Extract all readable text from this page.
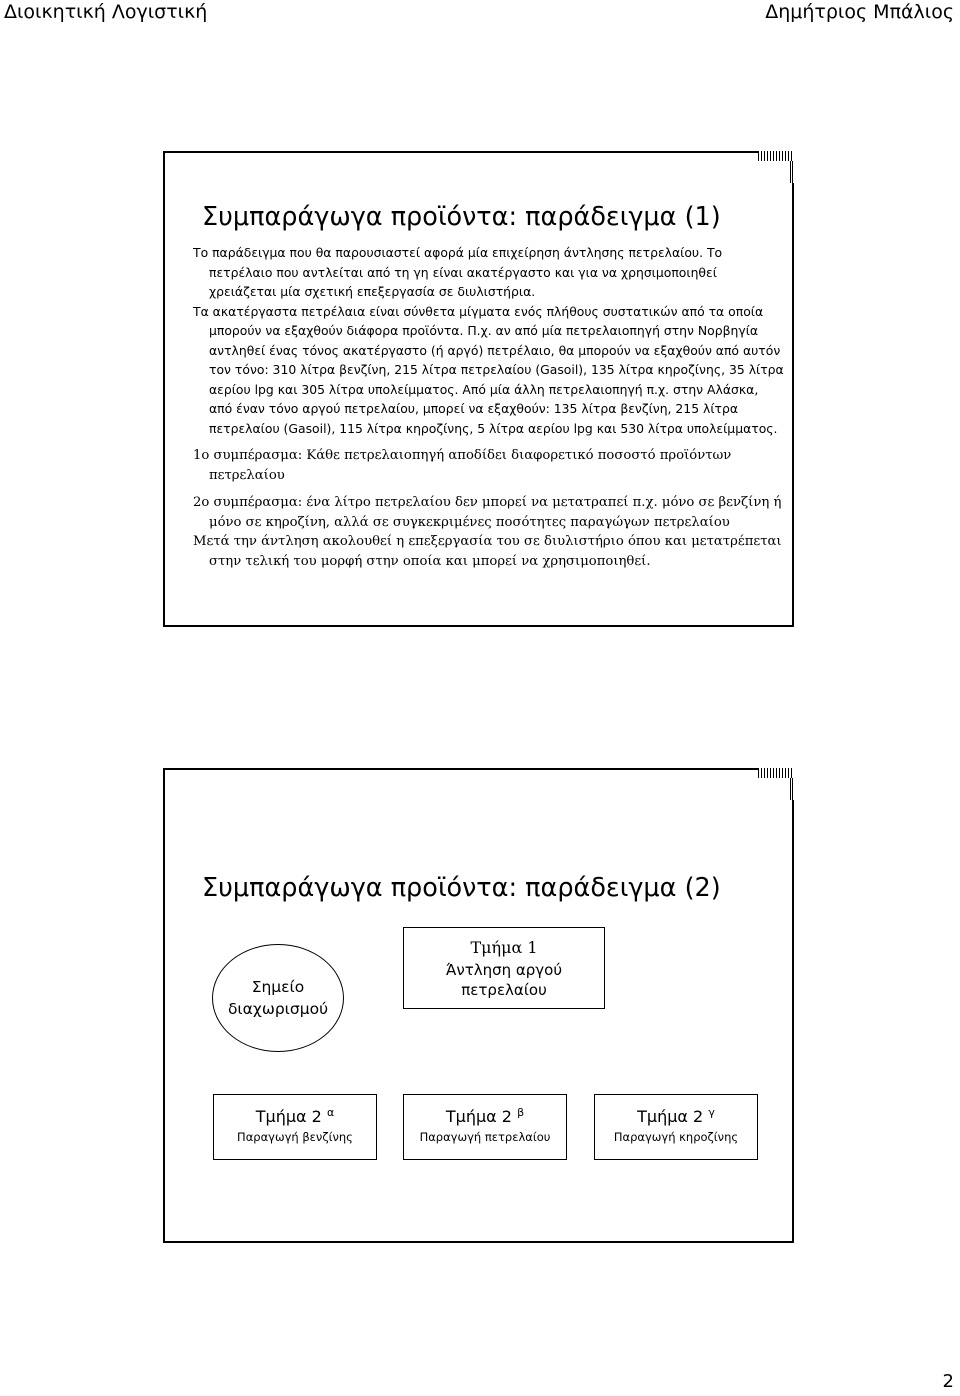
Διοικητική Λογιστική	Δημήτριος Μπάλιος
Συμπαράγωγα προϊόντα: παράδειγμα (1)
Το παράδειγμα που θα παρουσιαστεί αφορά μία επιχείρηση άντλησης πετρελαίου. Το πετρέλαιο που αντλείται από τη γη είναι ακατέργαστο και για να χρησιμοποιηθεί χρειάζεται μία σχετική επεξεργασία σε διυλιστήρια.
Τα ακατέργαστα πετρέλαια είναι σύνθετα μίγματα ενός πλήθους συστατικών από τα οποία μπορούν να εξαχθούν διάφορα προϊόντα. Π.χ. αν από μία πετρελαιοπηγή στην Νορβηγία αντληθεί ένας τόνος ακατέργαστο (ή αργό) πετρέλαιο, θα μπορούν να εξαχθούν από αυτόν τον τόνο: 310 λίτρα βενζίνη, 215 λίτρα πετρελαίου (Gasoil), 135 λίτρα κηροζίνης, 35 λίτρα αερίου lpg και 305 λίτρα υπολείμματος. Από μία άλλη πετρελαιοπηγή π.χ. στην Αλάσκα, από έναν τόνο αργού πετρελαίου, μπορεί να εξαχθούν: 135 λίτρα βενζίνη, 215 λίτρα πετρελαίου (Gasoil), 115 λίτρα κηροζίνης, 5 λίτρα αερίου lpg και 530 λίτρα υπολείμματος.
1ο συμπέρασμα: Κάθε πετρελαιοπηγή αποδίδει διαφορετικό ποσοστό προϊόντων πετρελαίου
2ο συμπέρασμα: ένα λίτρο πετρελαίου δεν μπορεί να μετατραπεί π.χ. μόνο σε βενζίνη ή μόνο σε κηροζίνη, αλλά σε συγκεκριμένες ποσότητες παραγώγων πετρελαίου
Μετά την άντληση ακολουθεί η επεξεργασία του σε διυλιστήριο όπου και μετατρέπεται στην τελική του μορφή στην οποία και μπορεί να χρησιμοποιηθεί.
Συμπαράγωγα προϊόντα: παράδειγμα (2)
Τμήμα 1
Άντληση αργού
πετρελαίου
Σημείο
διαχωρισμού
Τμήμα 2 $^\alpha$
Παραγωγή βενζίνης
Τμήμα 2 $^\beta$
Παραγωγή πετρελαίου
Τμήμα 2 $^\gamma$
Παραγωγή κηροζίνης
2
